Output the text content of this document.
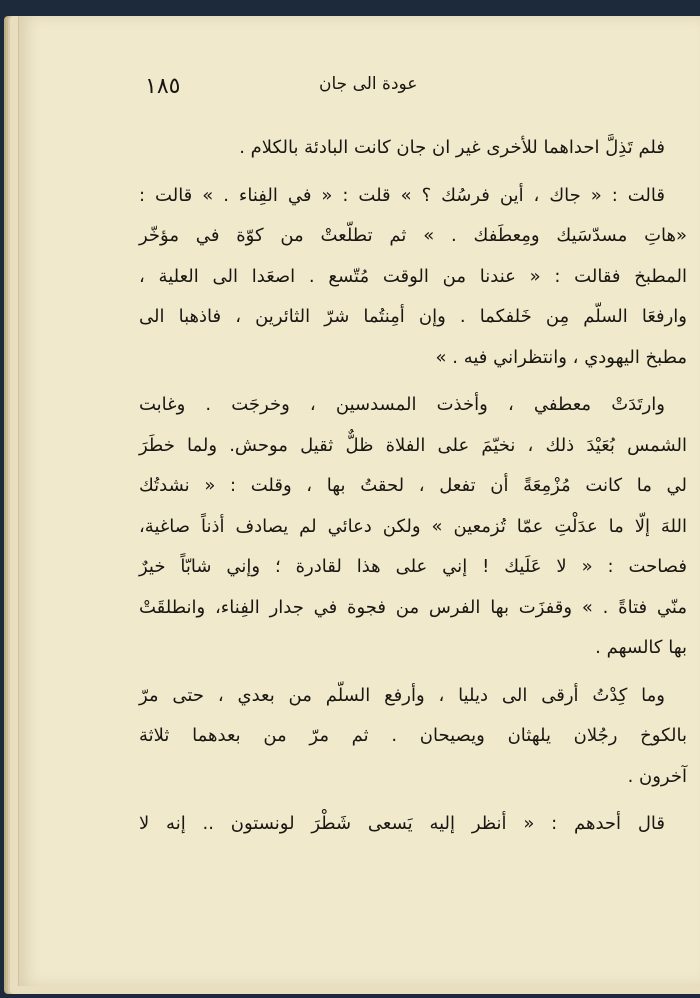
١٨٥	عودة الى جان
فلم تَذِلَّ احداهما للأخرى غير ان جان كانت البادئة بالكلام .
قالت : « جاك ، أين فرسُك ؟ » قلت : « في الفِناء . » قالت :
«هاتِ مسدّسَيك ومِعطَفك . » ثم تطلّعتْ من كوّة في مؤخّر
المطبخ فقالت : « عندنا من الوقت مُتّسع . اصعَدا الى العلية ،
وارفعَا السلّم مِن خَلفكما . وإن أمِنتُما شرّ الثائرين ، فاذهبا الى
مطبخ اليهودي ، وانتظراني فيه . »
وارتَدَتْ معطفي ، وأخذت المسدسين ، وخرجَت . وغابت
الشمس بُعَيْدَ ذلك ، نخيّمَ على الفلاة ظلٌّ ثقيل موحش. ولما خطَرَ
لي ما كانت مُزْمِعَةً أن تفعل ، لحقتُ بها ، وقلت : « نشدتُك
اللهَ إلّا ما عدَلْتِ عمّا تُزمعين » ولكن دعائي لم يصادف أذناً صاغية،
فصاحت : « لا عَلَيك ! إني على هذا لقادرة ؛ وإني شابّاً خيرٌ
منّي فتاةً . » وقفزَت بها الفرس من فجوة في جدار الفِناء، وانطلقَتْ
بها كالسهم .
وما كِدْتُ أرقى الى ديليا ، وأرفع السلّم من بعدي ، حتى مرّ
بالكوخ رجُلان يلهثان ويصيحان . ثم مرّ من بعدهما ثلاثة
آخرون .
قال أحدهم : « أنظر إليه يَسعى شَطْرَ لونستون .. إنه لا
